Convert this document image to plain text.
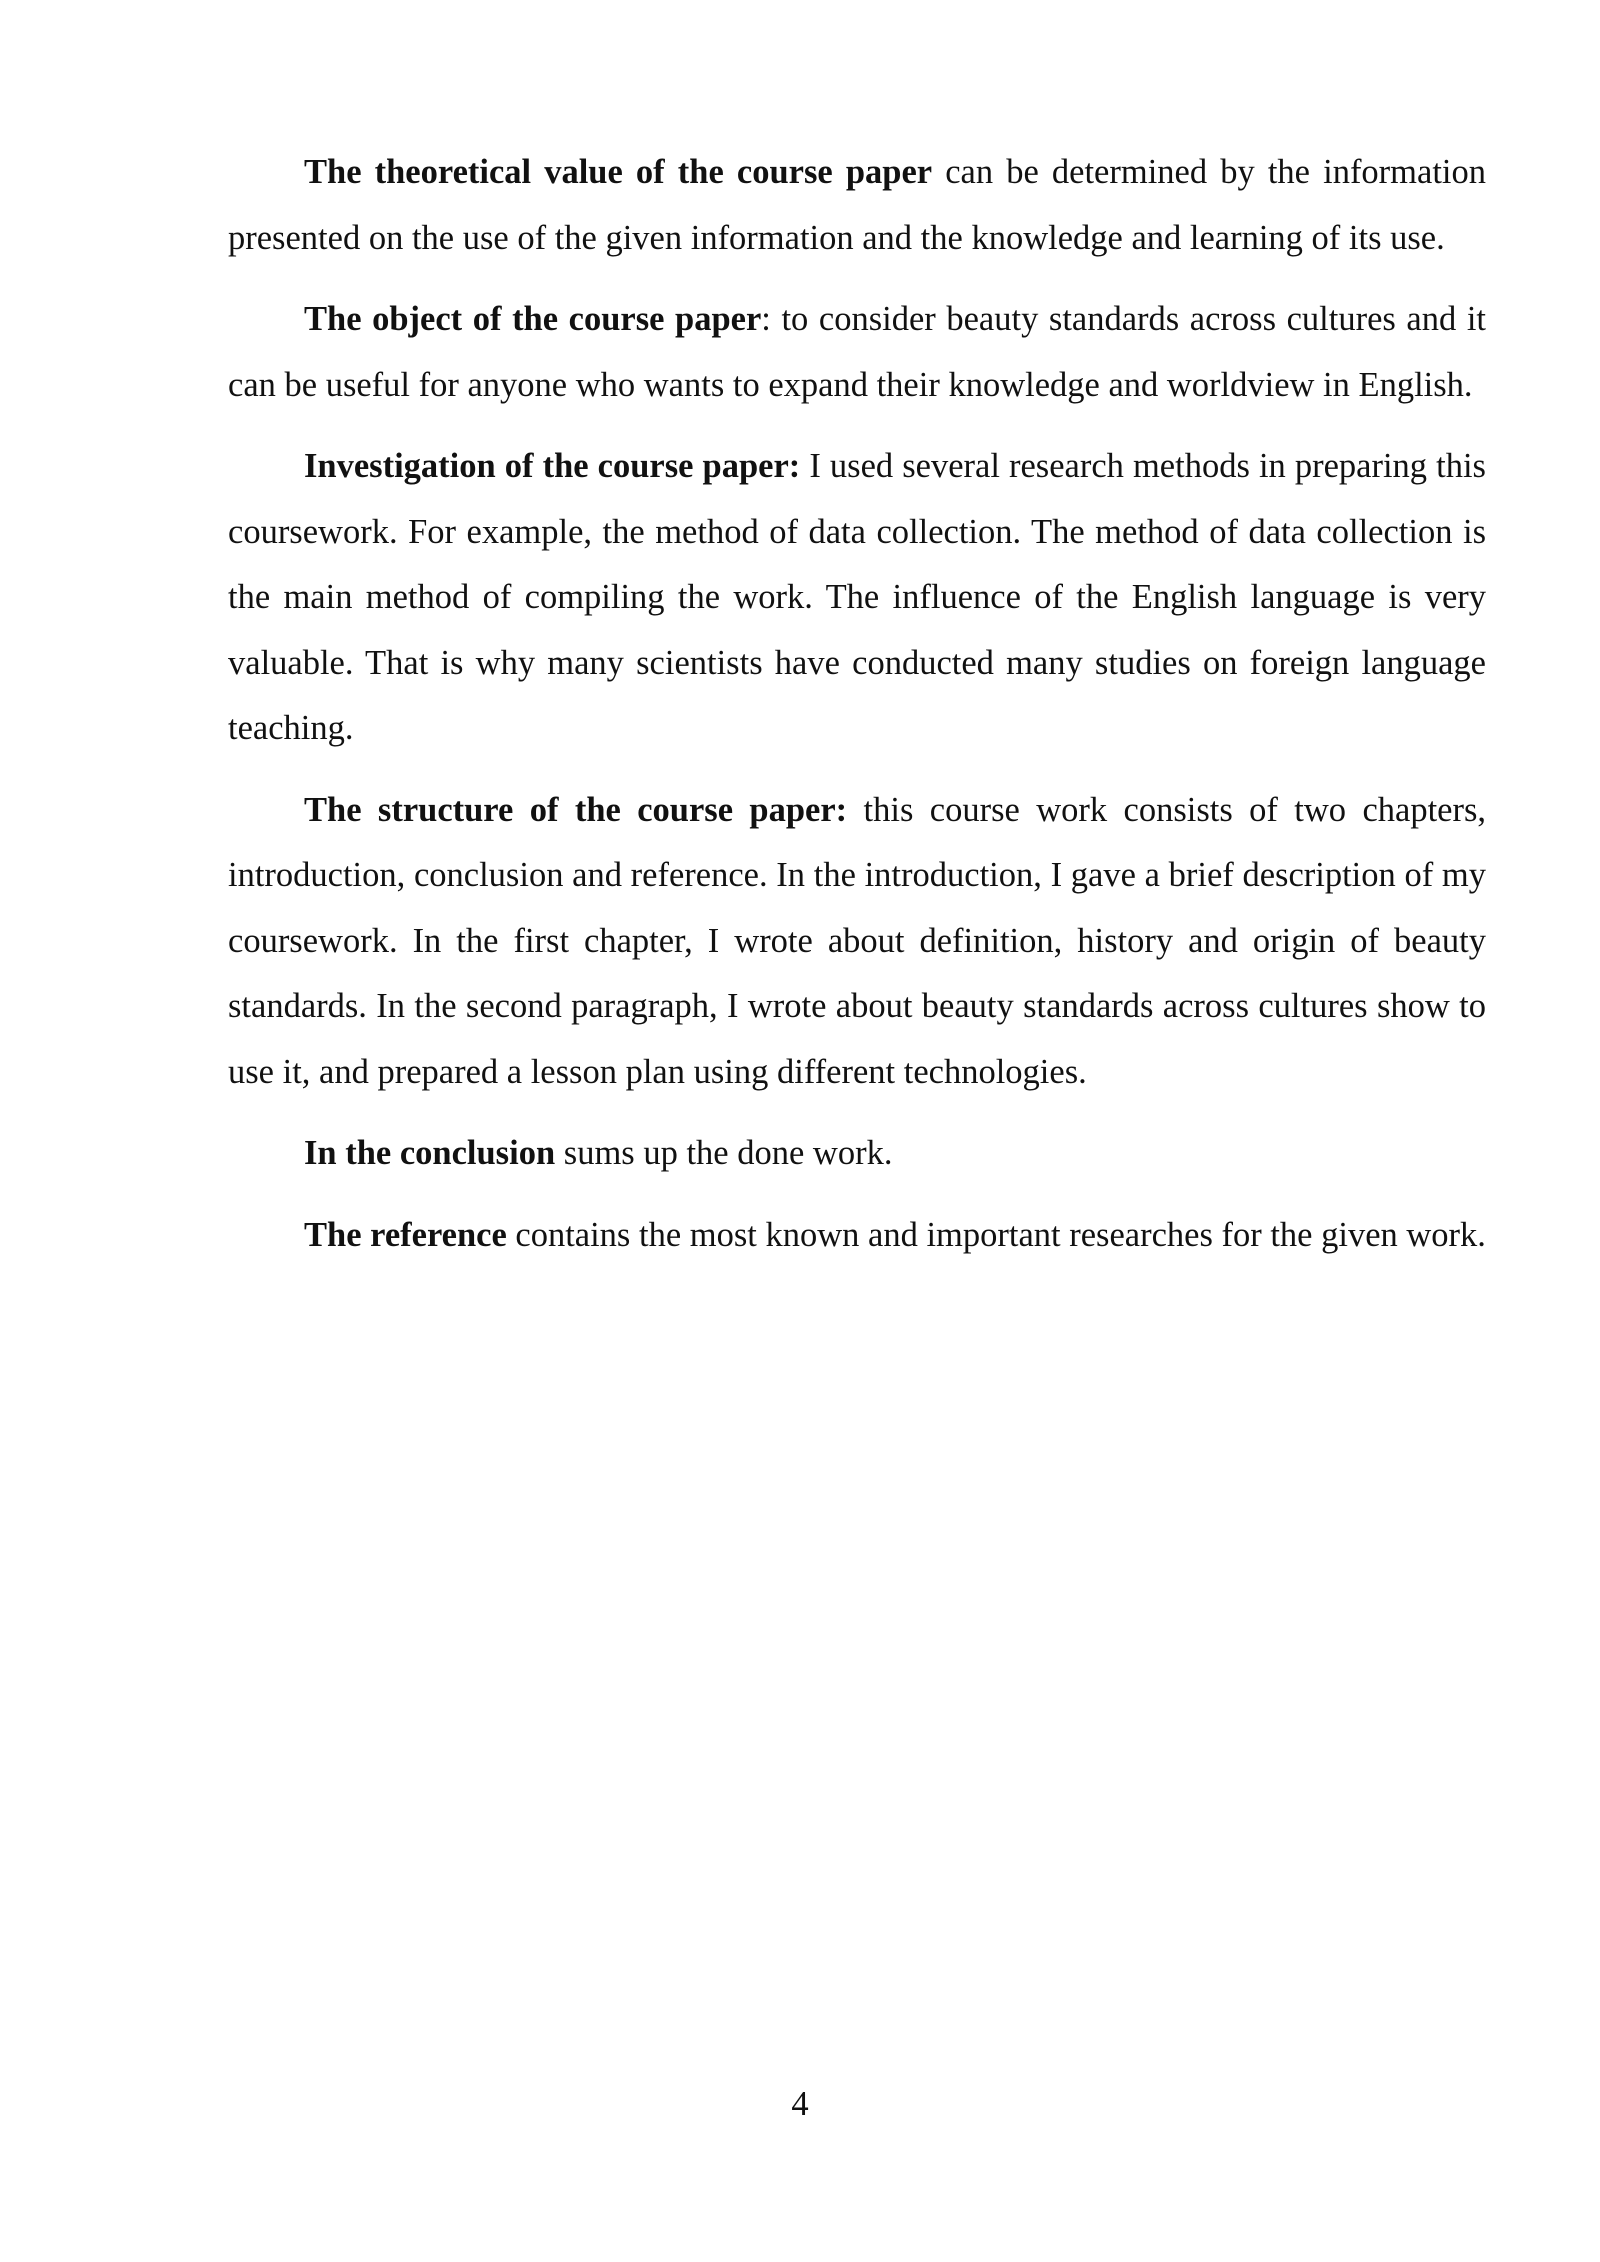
The theoretical value of the course paper can be determined by the information presented on the use of the given information and the knowledge and learning of its use.

The object of the course paper: to consider beauty standards across cultures and it can be useful for anyone who wants to expand their knowledge and worldview in English.

Investigation of the course paper: I used several research methods in preparing this coursework. For example, the method of data collection. The method of data collection is the main method of compiling the work. The influence of the English language is very valuable. That is why many scientists have conducted many studies on foreign language teaching.

The structure of the course paper: this course work consists of two chapters, introduction, conclusion and reference. In the introduction, I gave a brief description of my coursework. In the first chapter, I wrote about definition, history and origin of beauty standards. In the second paragraph, I wrote about beauty standards across cultures show to use it, and prepared a lesson plan using different technologies.

In the conclusion sums up the done work.

The reference contains the most known and important researches for the given work.

4
